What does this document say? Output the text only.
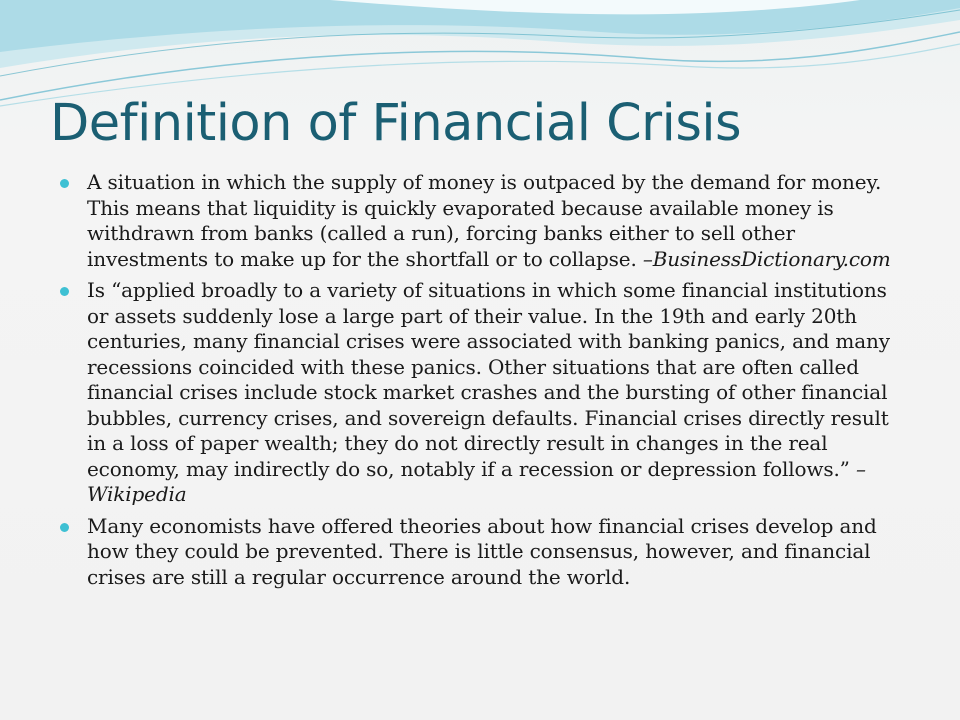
Definition of Financial Crisis
A situation in which the supply of money is outpaced by the demand for money. This means that liquidity is quickly evaporated because available money is withdrawn from banks (called a run), forcing banks either to sell other investments to make up for the shortfall or to collapse. –BusinessDictionary.com
Is “applied broadly to a variety of situations in which some financial institutions or assets suddenly lose a large part of their value. In the 19th and early 20th centuries, many financial crises were associated with banking panics, and many recessions coincided with these panics. Other situations that are often called financial crises include stock market crashes and the bursting of other financial bubbles, currency crises, and sovereign defaults. Financial crises directly result in a loss of paper wealth; they do not directly result in changes in the real economy, may indirectly do so, notably if a recession or depression follows.” –Wikipedia
Many economists have offered theories about how financial crises develop and how they could be prevented. There is little consensus, however, and financial crises are still a regular occurrence around the world.
